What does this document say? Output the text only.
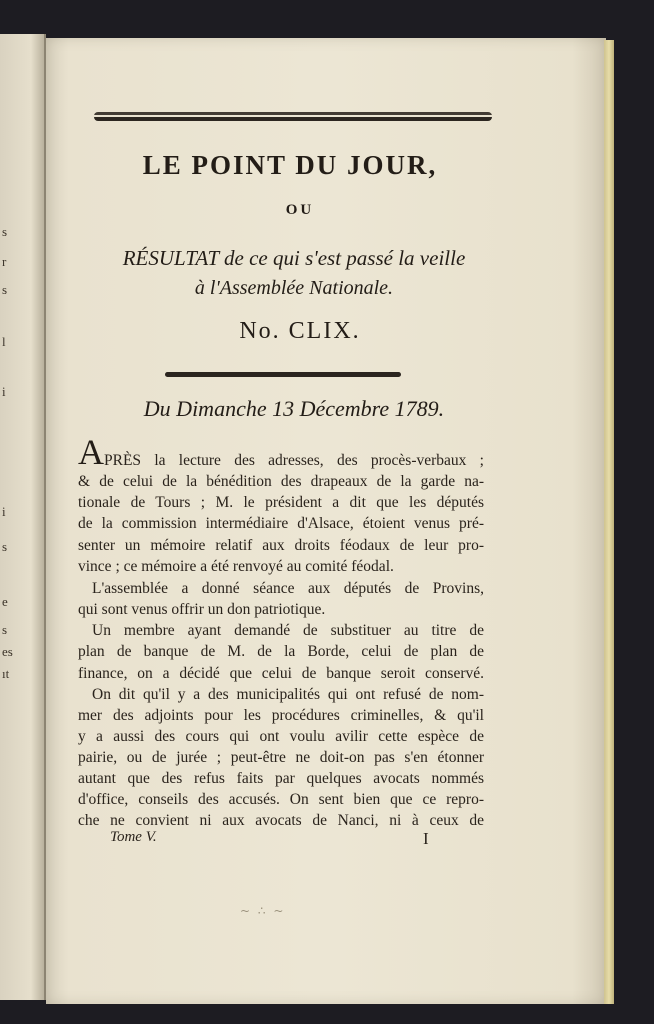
s
r
s
l
i
i
s
e
s
es
ıt
LE POINT DU JOUR,
OU
RÉSULTAT de ce qui s'est passé la veille
à l'Assemblée Nationale.
No. CLIX.
Du Dimanche 13 Décembre 1789.
A PRÈS la lecture des adresses, des procès-verbaux ;
& de celui de la bénédition des drapeaux de la garde na-
tionale de Tours ; M. le président a dit que les députés
de la commission intermédiaire d'Alsace, étoient venus pré-
senter un mémoire relatif aux droits féodaux de leur pro-
vince ; ce mémoire a été renvoyé au comité féodal.
L'assemblée a donné séance aux députés de Provins,
qui sont venus offrir un don patriotique.
Un membre ayant demandé de substituer au titre de
plan de banque de M. de la Borde, celui de plan de
finance, on a décidé que celui de banque seroit conservé.
On dit qu'il y a des municipalités qui ont refusé de nom-
mer des adjoints pour les procédures criminelles, & qu'il
y a aussi des cours qui ont voulu avilir cette espèce de
pairie, ou de jurée ; peut-être ne doit-on pas s'en étonner
autant que des refus faits par quelques avocats nommés
d'office, conseils des accusés. On sent bien que ce repro-
che ne convient ni aux avocats de Nanci, ni à ceux de
Tome V.	I
~ ∴ ~
